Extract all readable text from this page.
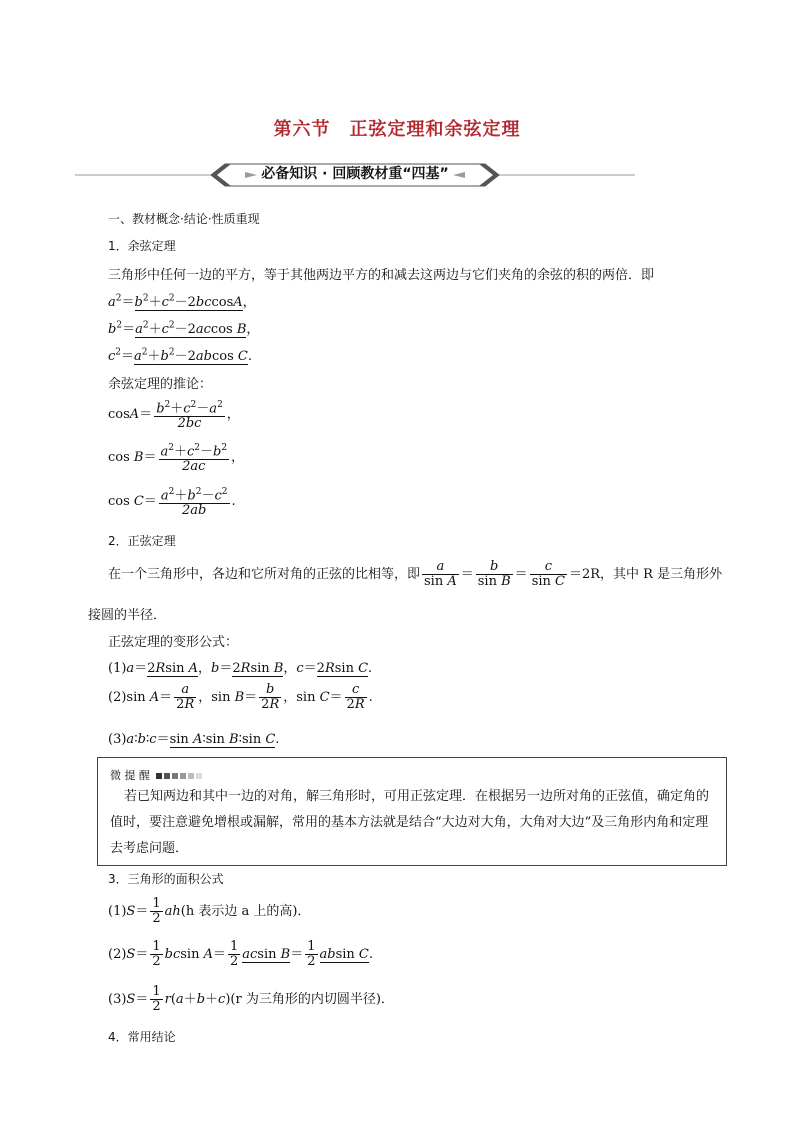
第六节　正弦定理和余弦定理
必备知识 · 回顾教材重“四基”
一、教材概念·结论·性质重现
1．余弦定理
三角形中任何一边的平方，等于其他两边平方的和减去这两边与它们夹角的余弦的积的两倍．即
$a^2=b^2+c^2-2bccosA$，
$b^2=a^2+c^2-2accos$ B，
$c^2=a^2+b^2-2abcos$ C.
余弦定理的推论：
$\cos A= \frac{b^2+c^2-a^2}{2bc}$ ，
$\cos B= \frac{a^2+c^2-b^2}{2ac}$ ，
$\cos C= \frac{a^2+b^2-c^2}{2ab}$ .
2．正弦定理
在一个三角形中，各边和它所对角的正弦的比相等，即 $\frac{a}{\text{sin A}} = \frac{b}{\text{sin B}} = \frac{c}{\text{sin C}} =2R$，其中 R 是三角形外
接圆的半径．
正弦定理的变形公式：
(1)a＝2Rsin A，b＝2Rsin B，c＝2Rsin C.
(2)sin $A= \frac{a}{2R}$ ，$\sin B= \frac{b}{2R}$ ，$\sin C= \frac{c}{2R}$ .
(3)a∶b∶c＝sin A∶sin B∶sin C.
微 提 醒
若已知两边和其中一边的对角，解三角形时，可用正弦定理．在根据另一边所对角的正弦值，确定角的值时，要注意避免增根或漏解，常用的基本方法就是结合“大边对大角，大角对大边”及三角形内角和定理去考虑问题．
3．三角形的面积公式
$(1)S= \frac{1}{2} ah(h$ 表示边 a 上的高)．
$(2)S= \frac{1}{2}$ bcsin $A= \frac{1}{2}$ acsin $B= \frac{1}{2}$ absin C.
$(3)S= \frac{1}{2} r(a+b+c)(r$ 为三角形的内切圆半径)．
4．常用结论
